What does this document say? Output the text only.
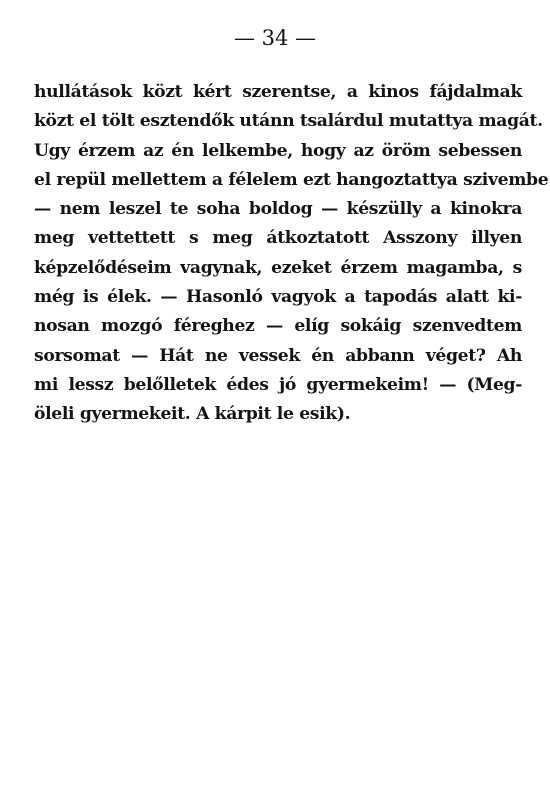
— 34 —
hullátások közt kért szerentse, a kinos fájdalmak
közt el tölt esztendők utánn tsalárdul mutattya magát.
Ugy érzem az én lelkembe, hogy az öröm sebessen
el repül mellettem a félelem ezt hangoztattya szivembe
— nem leszel te soha boldog — készülly a kinokra
meg vettettett s meg átkoztatott Asszony illyen
képzelődéseim vagynak, ezeket érzem magamba, s
még is élek. — Hasonló vagyok a tapodás alatt ki-
nosan mozgó féreghez — elíg sokáig szenvedtem
sorsomat — Hát ne vessek én abbann véget? Ah
mi lessz belőlletek édes jó gyermekeim! — (Meg-
öleli gyermekeit. A kárpit le esik).
